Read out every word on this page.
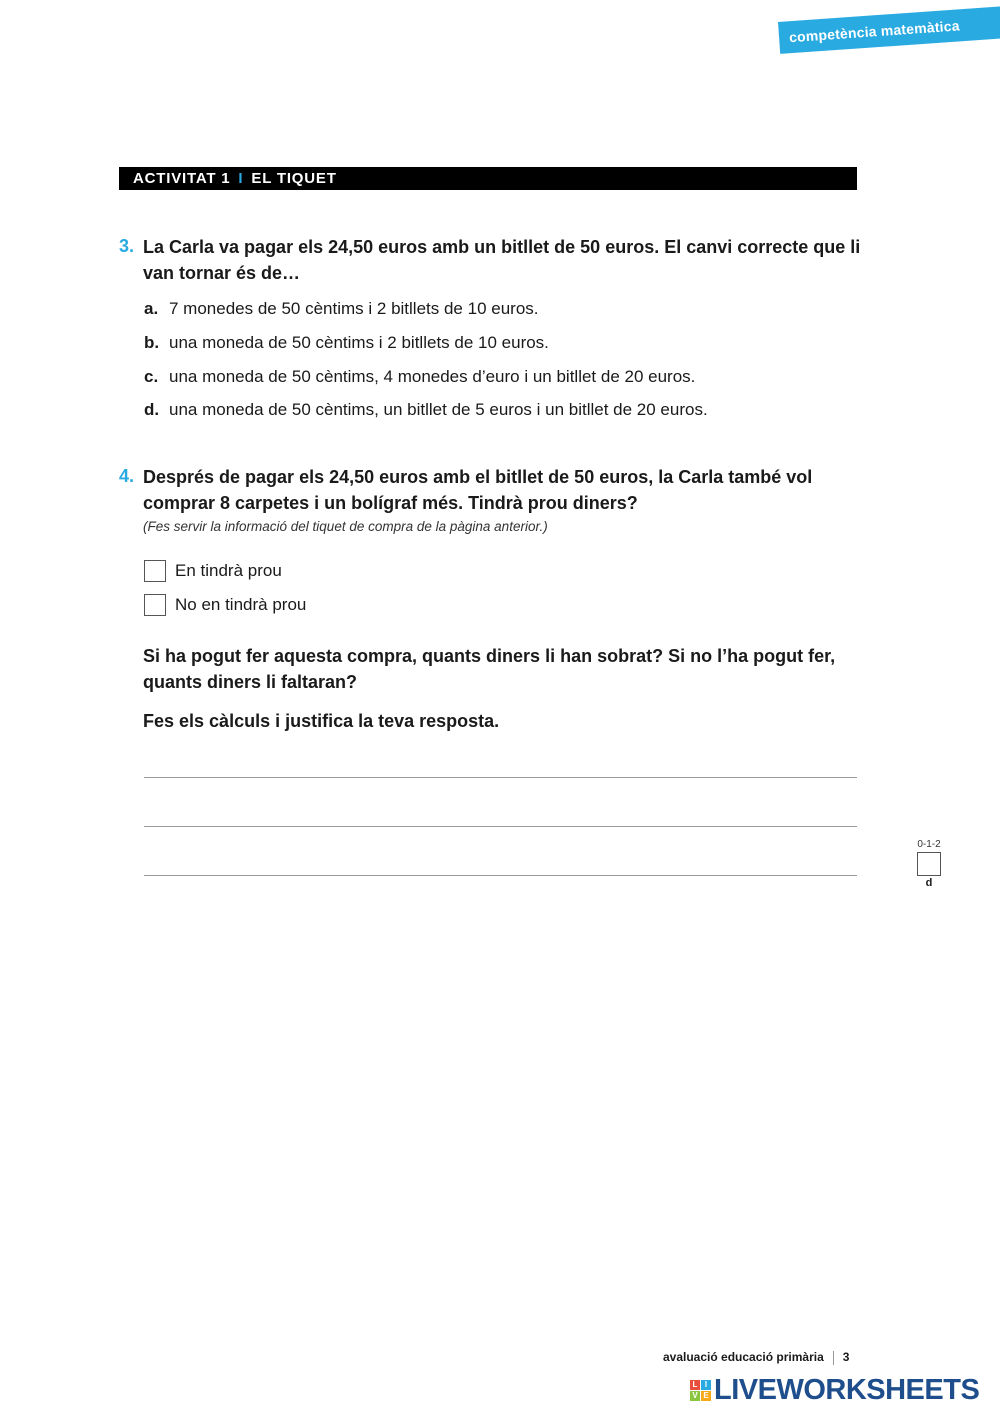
competència matemàtica
ACTIVITAT 1 I EL TIQUET
3. La Carla va pagar els 24,50 euros amb un bitllet de 50 euros. El canvi correcte que li van tornar és de…
a. 7 monedes de 50 cèntims i 2 bitllets de 10 euros.
b. una moneda de 50 cèntims i 2 bitllets de 10 euros.
c. una moneda de 50 cèntims, 4 monedes d’euro i un bitllet de 20 euros.
d. una moneda de 50 cèntims, un bitllet de 5 euros i un bitllet de 20 euros.
4. Després de pagar els 24,50 euros amb el bitllet de 50 euros, la Carla també vol comprar 8 carpetes i un bolígraf més. Tindrà prou diners?
(Fes servir la informació del tiquet de compra de la pàgina anterior.)
En tindrà prou
No en tindrà prou
Si ha pogut fer aquesta compra, quants diners li han sobrat? Si no l’ha pogut fer, quants diners li faltaran?
Fes els càlculs i justifica la teva resposta.
0-1-2
d
avaluació educació primària 3
L I
V E LIVEWORKSHEETS
